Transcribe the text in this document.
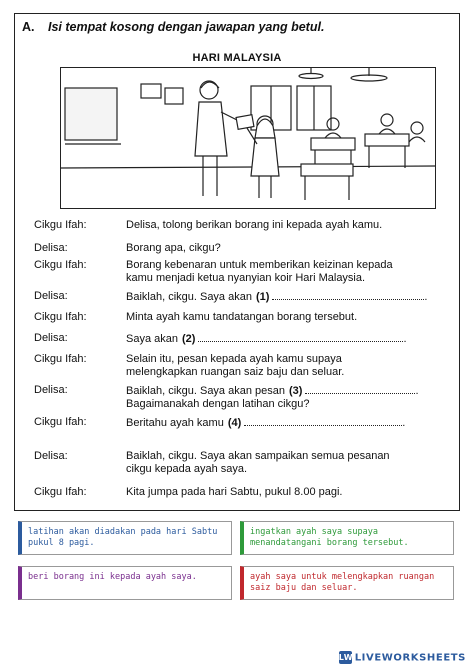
A. Isi tempat kosong dengan jawapan yang betul.
HARI MALAYSIA
Cikgu Ifah:	Delisa, tolong berikan borang ini kepada ayah kamu.
Delisa:	Borang apa, cikgu?
Cikgu Ifah:	Borang kebenaran untuk memberikan keizinan kepada
kamu menjadi ketua nyanyian koir Hari Malaysia.
Delisa:	Baiklah, cikgu. Saya akan (1)	.
Cikgu Ifah:	Minta ayah kamu tandatangan borang tersebut.
Delisa:	Saya akan (2)	.
Cikgu Ifah:	Selain itu, pesan kepada ayah kamu supaya
melengkapkan ruangan saiz baju dan seluar.
Delisa:	Baiklah, cikgu. Saya akan pesan (3)	.
Bagaimanakah dengan latihan cikgu?
Cikgu Ifah:	Beritahu ayah kamu (4)	.
Delisa:	Baiklah, cikgu. Saya akan sampaikan semua pesanan
cikgu kepada ayah saya.
Cikgu Ifah:	Kita jumpa pada hari Sabtu, pukul 8.00 pagi.
latihan akan diadakan pada hari Sabtu pukul 8 pagi.
ingatkan ayah saya supaya menandatangani borang tersebut.
beri borang ini kepada ayah saya.	ayah saya untuk melengkapkan ruangan saiz baju dan seluar.
LWLIVEWORKSHEETS
